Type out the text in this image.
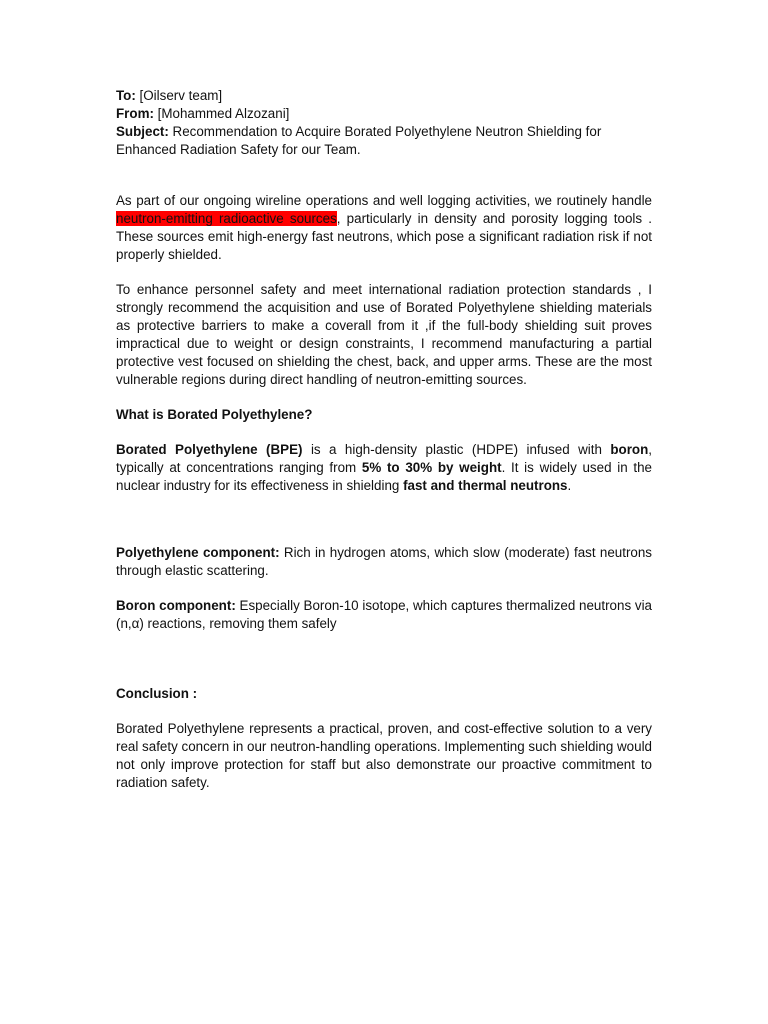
To: [Oilserv team]

From: [Mohammed Alzozani]

Subject: Recommendation to Acquire Borated Polyethylene Neutron Shielding for Enhanced Radiation Safety for our Team.

As part of our ongoing wireline operations and well logging activities, we routinely handle neutron-emitting radioactive sources, particularly in density and porosity logging tools . These sources emit high-energy fast neutrons, which pose a significant radiation risk if not properly shielded.

To enhance personnel safety and meet international radiation protection standards , I strongly recommend the acquisition and use of Borated Polyethylene shielding materials as protective barriers to make a coverall from it ,if the full-body shielding suit proves impractical due to weight or design constraints, I recommend manufacturing a partial protective vest focused on shielding the chest, back, and upper arms. These are the most vulnerable regions during direct handling of neutron-emitting sources.

What is Borated Polyethylene?

Borated Polyethylene (BPE) is a high-density plastic (HDPE) infused with boron, typically at concentrations ranging from 5% to 30% by weight. It is widely used in the nuclear industry for its effectiveness in shielding fast and thermal neutrons.

Polyethylene component: Rich in hydrogen atoms, which slow (moderate) fast neutrons through elastic scattering.

Boron component: Especially Boron-10 isotope, which captures thermalized neutrons via (n,α) reactions, removing them safely

Conclusion :

Borated Polyethylene represents a practical, proven, and cost-effective solution to a very real safety concern in our neutron-handling operations. Implementing such shielding would not only improve protection for staff but also demonstrate our proactive commitment to radiation safety.
